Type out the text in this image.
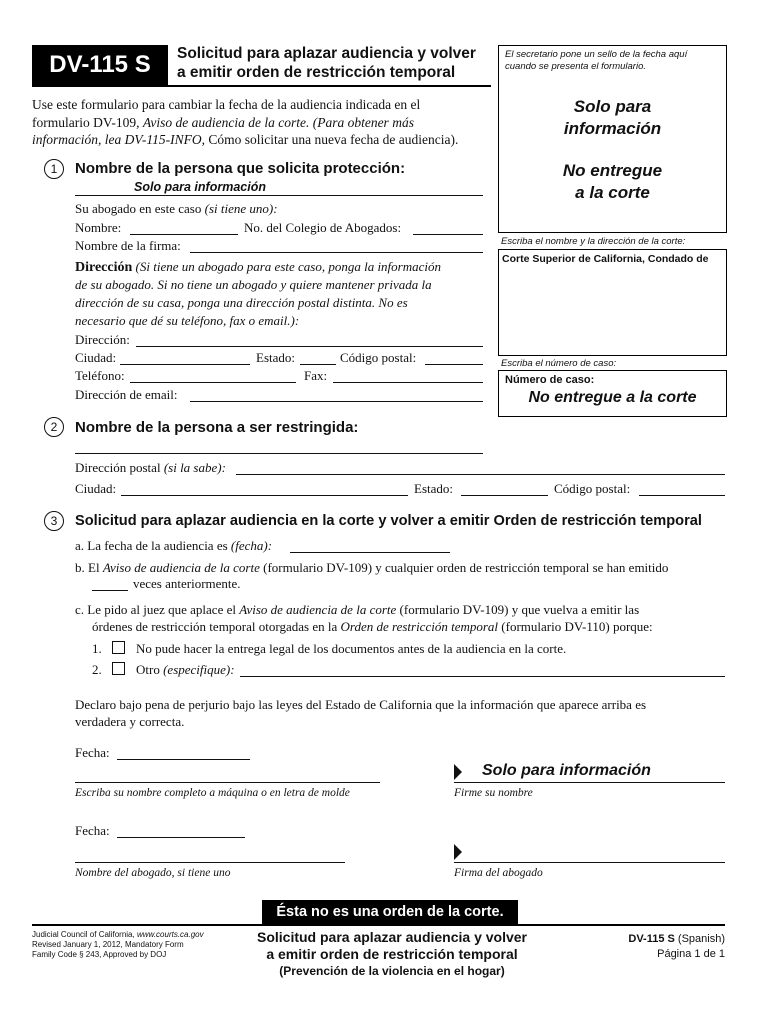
DV-115 S	Solicitud para aplazar audiencia y volver
a emitir orden de restricción temporal
El secretario pone un sello de la fecha aquí
cuando se presenta el formulario.
Solo para
información
No entregue
a la corte
Escriba el nombre y la dirección de la corte:
Corte Superior de California, Condado de
Escriba el número de caso:
Número de caso:
No entregue a la corte
Use este formulario para cambiar la fecha de la audiencia indicada en el
formulario DV-109, Aviso de audiencia de la corte. (Para obtener más
información, lea DV-115-INFO, Cómo solicitar una nueva fecha de audiencia).
1	Nombre de la persona que solicita protección:
Solo para información
Su abogado en este caso (si tiene uno):
Nombre:	No. del Colegio de Abogados:
Nombre de la firma:
Dirección (Si tiene un abogado para este caso, ponga la información
de su abogado. Si no tiene un abogado y quiere mantener privada la
dirección de su casa, ponga una dirección postal distinta. No es
necesario que dé su teléfono, fax o email.):
Dirección:
Ciudad:	Estado:	Código postal:
Teléfono:	Fax:
Dirección de email:
2	Nombre de la persona a ser restringida:
Dirección postal (si la sabe):
Ciudad:	Estado:	Código postal:
3	Solicitud para aplazar audiencia en la corte y volver a emitir Orden de restricción temporal
a. La fecha de la audiencia es (fecha):
b. El Aviso de audiencia de la corte (formulario DV-109) y cualquier orden de restricción temporal se han emitido
veces anteriormente.
c. Le pido al juez que aplace el Aviso de audiencia de la corte (formulario DV-109) y que vuelva a emitir las
órdenes de restricción temporal otorgadas en la Orden de restricción temporal (formulario DV-110) porque:
1.	No pude hacer la entrega legal de los documentos antes de la audiencia en la corte.
2.	Otro (especifique):
Declaro bajo pena de perjurio bajo las leyes del Estado de California que la información que aparece arriba es
verdadera y correcta.
Fecha:
Escriba su nombre completo a máquina o en letra de molde
Solo para información
Firme su nombre
Fecha:
Nombre del abogado, si tiene uno	Firma del abogado
Ésta no es una orden de la corte.
Judicial Council of California, www.courts.ca.gov
Revised January 1, 2012, Mandatory Form
Family Code § 243, Approved by DOJ
Solicitud para aplazar audiencia y volver
a emitir orden de restricción temporal
(Prevención de la violencia en el hogar)
DV-115 S (Spanish)
Página 1 de 1
